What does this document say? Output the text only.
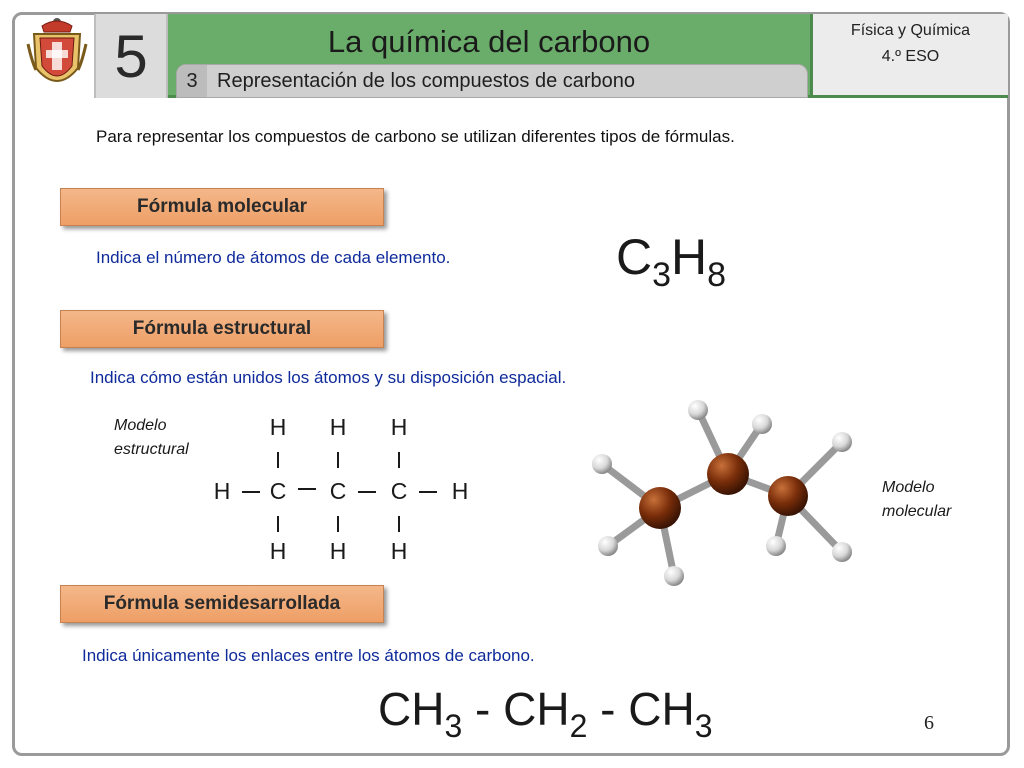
5	La química del carbono
3 Representación de los compuestos de carbono
Física y Química
4.º ESO
Para representar los compuestos de carbono se utilizan diferentes tipos de fórmulas.
Fórmula molecular
Indica el número de átomos de cada elemento.	$C_3H_8$
Fórmula estructural
Indica cómo están unidos los átomos y su disposición espacial.
Modelo
estructural
H H H
H C C C H
H H H
Modelo
molecular
Fórmula semidesarrollada
Indica únicamente los enlaces entre los átomos de carbono.
$CH_3 - CH_2 - CH_3$	6
